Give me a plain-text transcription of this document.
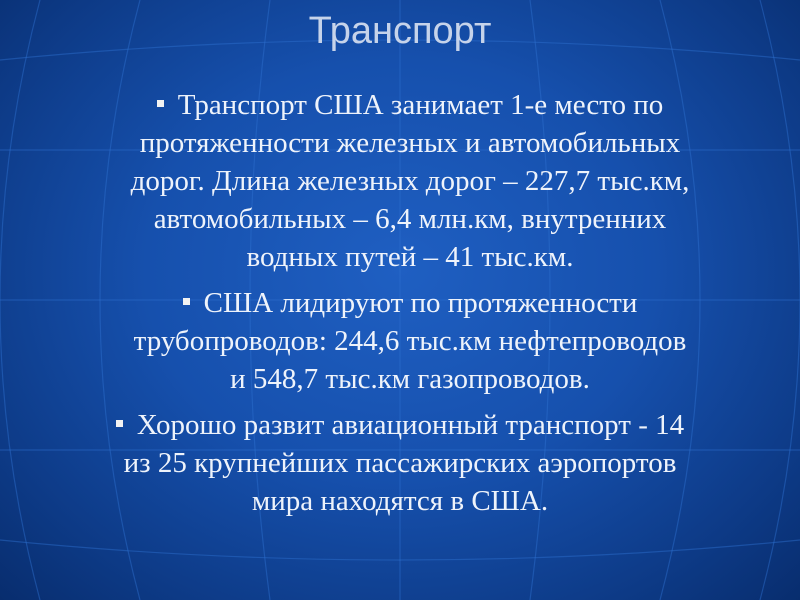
Транспорт
Транспорт США занимает 1-е место по
протяженности железных и автомобильных
дорог. Длина железных дорог – 227,7 тыс.км,
автомобильных – 6,4 млн.км, внутренних
водных путей – 41 тыс.км.
США лидируют по протяженности
трубопроводов: 244,6 тыс.км нефтепроводов
и 548,7 тыс.км газопроводов.
Хорошо развит авиационный транспорт - 14
из 25 крупнейших пассажирских аэропортов
мира находятся в США.
